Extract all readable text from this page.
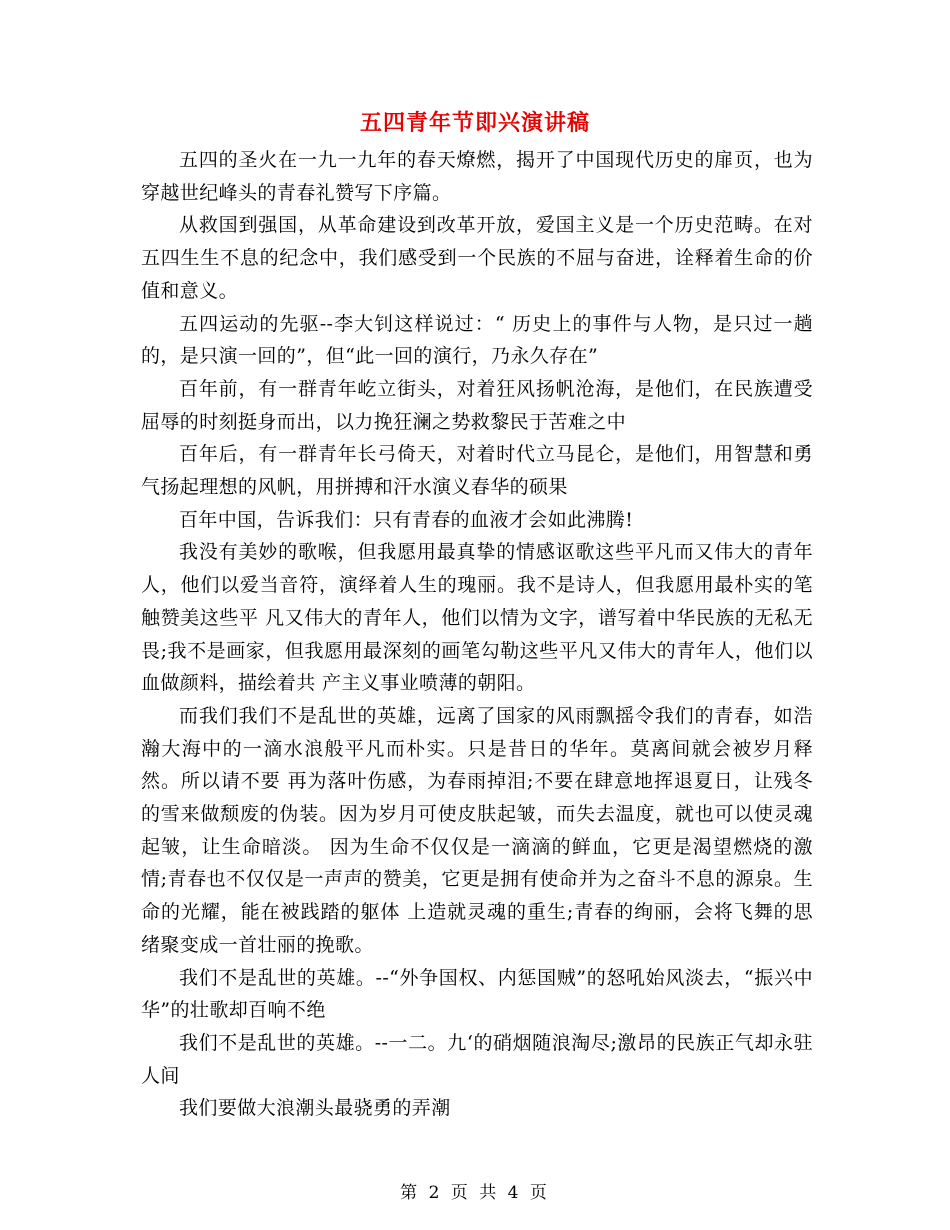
五四青年节即兴演讲稿

五四的圣火在一九一九年的春天燎燃，揭开了中国现代历史的扉页，也为穿越世纪峰头的青春礼赞写下序篇。

从救国到强国，从革命建设到改革开放，爱国主义是一个历史范畴。在对五四生生不息的纪念中，我们感受到一个民族的不屈与奋进，诠释着生命的价值和意义。

五四运动的先驱--李大钊这样说过：“ 历史上的事件与人物，是只过一趟的，是只演一回的”，但“此一回的演行，乃永久存在”

百年前，有一群青年屹立街头，对着狂风扬帆沧海，是他们，在民族遭受屈辱的时刻挺身而出，以力挽狂澜之势救黎民于苦难之中

百年后，有一群青年长弓倚天，对着时代立马昆仑，是他们，用智慧和勇气扬起理想的风帆，用拼搏和汗水演义春华的硕果

百年中国，告诉我们：只有青春的血液才会如此沸腾!

我没有美妙的歌喉，但我愿用最真挚的情感讴歌这些平凡而又伟大的青年人，他们以爱当音符，演绎着人生的瑰丽。我不是诗人，但我愿用最朴实的笔触赞美这些平 凡又伟大的青年人，他们以情为文字，谱写着中华民族的无私无畏;我不是画家，但我愿用最深刻的画笔勾勒这些平凡又伟大的青年人，他们以血做颜料，描绘着共 产主义事业喷薄的朝阳。

而我们我们不是乱世的英雄，远离了国家的风雨飘摇令我们的青春，如浩瀚大海中的一滴水浪般平凡而朴实。只是昔日的华年。莫离间就会被岁月释然。所以请不要 再为落叶伤感，为春雨掉泪;不要在肆意地挥退夏日，让残冬的雪来做颓废的伪装。因为岁月可使皮肤起皱，而失去温度，就也可以使灵魂起皱，让生命暗淡。 因为生命不仅仅是一滴滴的鲜血，它更是渴望燃烧的激情;青春也不仅仅是一声声的赞美，它更是拥有使命并为之奋斗不息的源泉。生命的光耀，能在被践踏的躯体 上造就灵魂的重生;青春的绚丽，会将飞舞的思绪聚变成一首壮丽的挽歌。

我们不是乱世的英雄。--“外争国权、内惩国贼”的怒吼始风淡去，“振兴中华”的壮歌却百响不绝

我们不是乱世的英雄。--一二。九‘的硝烟随浪淘尽;激昂的民族正气却永驻人间

我们要做大浪潮头最骁勇的弄潮

第 2 页 共 4 页
